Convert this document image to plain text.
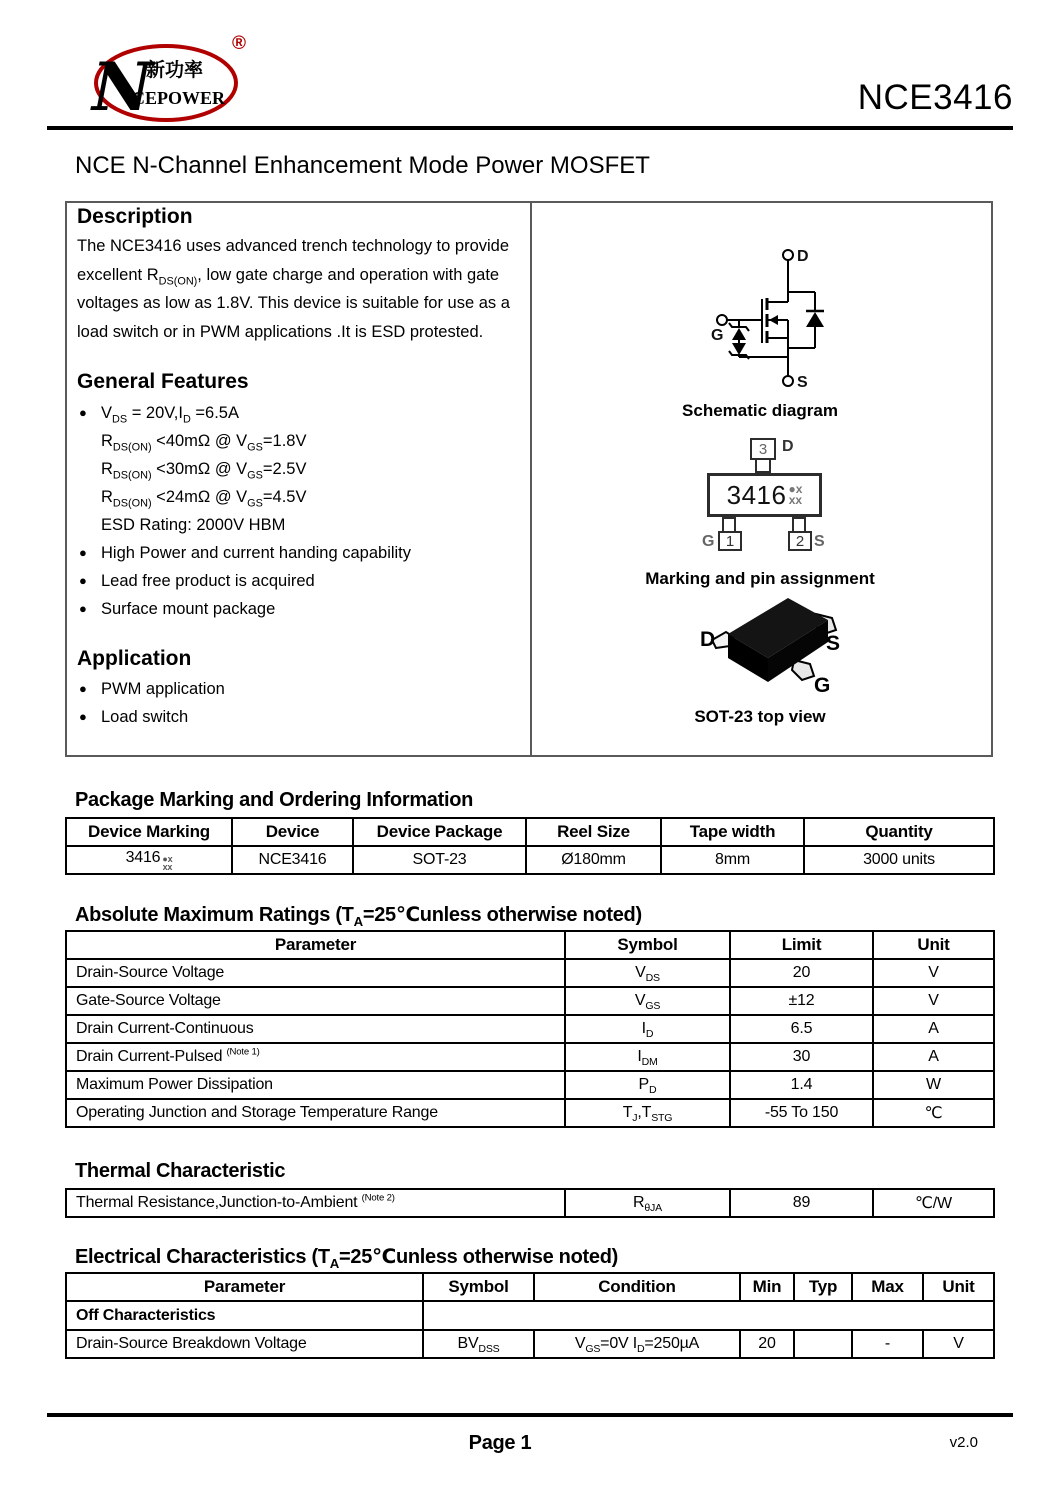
N
新功率
CEPOWER
®
NCE3416
NCE N-Channel Enhancement Mode Power MOSFET
Description
The NCE3416 uses advanced trench technology to provide
excellent $R_{DS(ON)}$, low gate charge and operation with gate
voltages as low as 1.8V. This device is suitable for use as a
load switch or in PWM applications .It is ESD protested.
General Features
● $V_{DS} = 20V,I_D =6.5A$
$R_{DS(ON)} <40m\Omega$ @ $V_{GS}=1.8V$
$R_{DS(ON)} <30m\Omega$ @ $V_{GS}=2.5V$
$R_{DS(ON)} <24m\Omega$ @ $V_{GS}=4.5V$
ESD Rating: 2000V HBM
● High Power and current handing capability
● Lead free product is acquired
● Surface mount package
Application
● PWM application
● Load switch
D
S
G
Schematic diagram
3 D
3416 ●x
xx
1	2
G	S
Marking and pin assignment
D	S
G
SOT-23 top view
Package Marking and Ordering Information
Device Marking	Device	Device Package	Reel Size	Tape width	Quantity
3416 ●x
xx	NCE3416	SOT-23	Ø180mm	8mm	3000 units
Absolute Maximum Ratings ($T_A=25℃unless$ otherwise noted)
Parameter	Symbol	Limit	Unit
Drain-Source Voltage	$V_{DS}$	20	V
Gate-Source Voltage	$V_{GS}$	±12	V
Drain Current-Continuous	$I_D$	6.5	A
Drain Current-Pulsed $^{(Note 1)}$	$I_{DM}$	30	A
Maximum Power Dissipation	$P_D$	1.4	W
Operating Junction and Storage Temperature Range	$T_J,T_{STG}$	-55 To 150	℃
Thermal Characteristic
Thermal Resistance,Junction-to-Ambient $^{(Note 2)}$	$R_{\theta JA}$	89	℃/W
Electrical Characteristics ($T_A=25℃unless$ otherwise noted)
Parameter	Symbol	Condition	Min	Typ	Max	Unit
Off Characteristics						
Drain-Source Breakdown Voltage	$BV_{DSS}$	$V_{GS}=0V$ $I_D=250\mu A$	20		-	V
Page 1	v2.0
